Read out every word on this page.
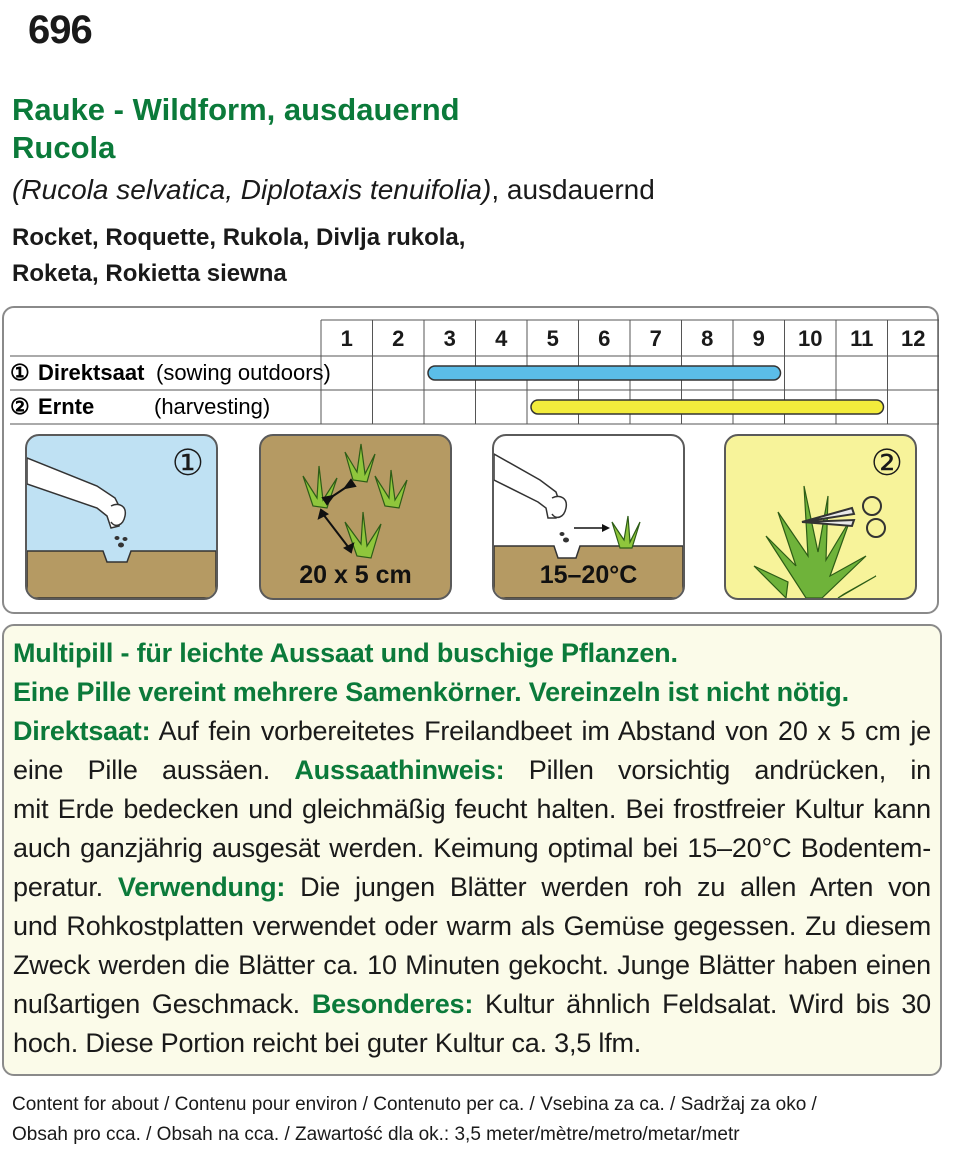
696
Rauke - Wildform, ausdauernd
Rucola
(Rucola selvatica, Diplotaxis tenuifolia), ausdauernd
Rocket, Roquette, Rukola, Divlja rukola,
Roketa, Rokietta siewna
1 2 3 4 5 6 7 8 9 10 11 12
① Direktsaat (sowing outdoors)
② Ernte	(harvesting)
①
20 x 5 cm	15–20°C
②
Multipill - für leichte Aussaat und buschige Pflanzen.
Eine Pille vereint mehrere Samenkörner. Vereinzeln ist nicht nötig.
Direktsaat: Auf fein vorbereitetes Freilandbeet im Abstand von 20 x 5 cm je
eine Pille aussäen. Aussaathinweis: Pillen vorsichtig andrücken, in
mit Erde bedecken und gleichmäßig feucht halten. Bei frostfreier Kultur kann
auch ganzjährig ausgesät werden. Keimung optimal bei 15–20°C Bodentem-
peratur. Verwendung: Die jungen Blätter werden roh zu allen Arten von
und Rohkostplatten verwendet oder warm als Gemüse gegessen. Zu diesem
Zweck werden die Blätter ca. 10 Minuten gekocht. Junge Blätter haben einen
nußartigen Geschmack. Besonderes: Kultur ähnlich Feldsalat. Wird bis 30
hoch. Diese Portion reicht bei guter Kultur ca. 3,5 lfm.
Content for about / Contenu pour environ / Contenuto per ca. / Vsebina za ca. / Sadržaj za oko /
Obsah pro cca. / Obsah na cca. / Zawartość dla ok.: 3,5 meter/mètre/metro/metar/metr
